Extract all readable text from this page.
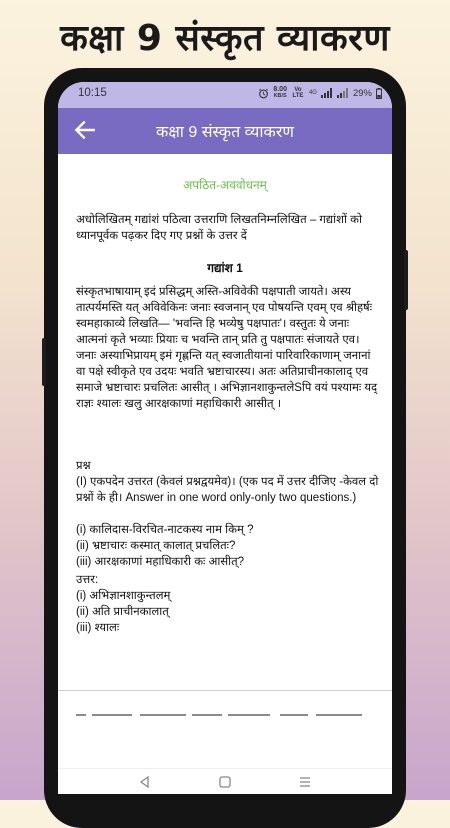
कक्षा 9 संस्कृत व्याकरण
10:15	8.00
KB/S
Vo LTE 4G	29%
कक्षा 9 संस्कृत व्याकरण
अपठित-अववोधनम्
अधोलिखितम् गद्यांशं पठित्वा उत्तराणि लिखतनिम्नलिखित – गद्यांशों को ध्यानपूर्वक पढ़कर दिए गए प्रश्नों के उत्तर दें
गद्यांश 1
संस्कृतभाषायाम् इदं प्रसिद्धम् अस्ति-अविवेकी पक्षपाती जायते। अस्य तात्पर्यमस्ति यत् अविवेकिनः जनाः स्वजनान् एव पोषयन्ति एवम् एव श्रीहर्षः स्वमहाकाव्ये लिखति— 'भवन्ति हि भव्येषु पक्षपातः'। वस्तुतः ये जनाः आत्मनां कृते भव्याः प्रियाः च भवन्ति तान् प्रति तु पक्षपातः संजायते एव। जनाः अस्याभिप्रायम् इमं गृह्णन्ति यत् स्वजातीयानां पारिवारिकाणाम् जनानां वा पक्षे स्वीकृते एव उदयः भवति भ्रष्टाचारस्य। अतः अतिप्राचीनकालाद् एव समाजे भ्रष्टाचारः प्रचलितः आसीत् । अभिज्ञानशाकुन्तलेSपि वयं पश्यामः यद् राज्ञः श्यालः खलु आरक्षकाणां महाधिकारी आसीत् ।
प्रश्न
(I) एकपदेन उत्तरत (केवलं प्रश्नद्वयमेव)। (एक पद में उत्तर दीजिए -केवल दो प्रश्नों के ही। Answer in one word only-only two questions.)
(i) कालिदास-विरचित-नाटकस्य नाम किम् ?
(ii) भ्रष्टाचारः कस्मात् कालात् प्रचलितः?
(iii) आरक्षकाणां महाधिकारी कः आसीत्?
उत्तर:
(i) अभिज्ञानशाकुन्तलम्
(ii) अति प्राचीनकालात्
(iii) श्यालः
